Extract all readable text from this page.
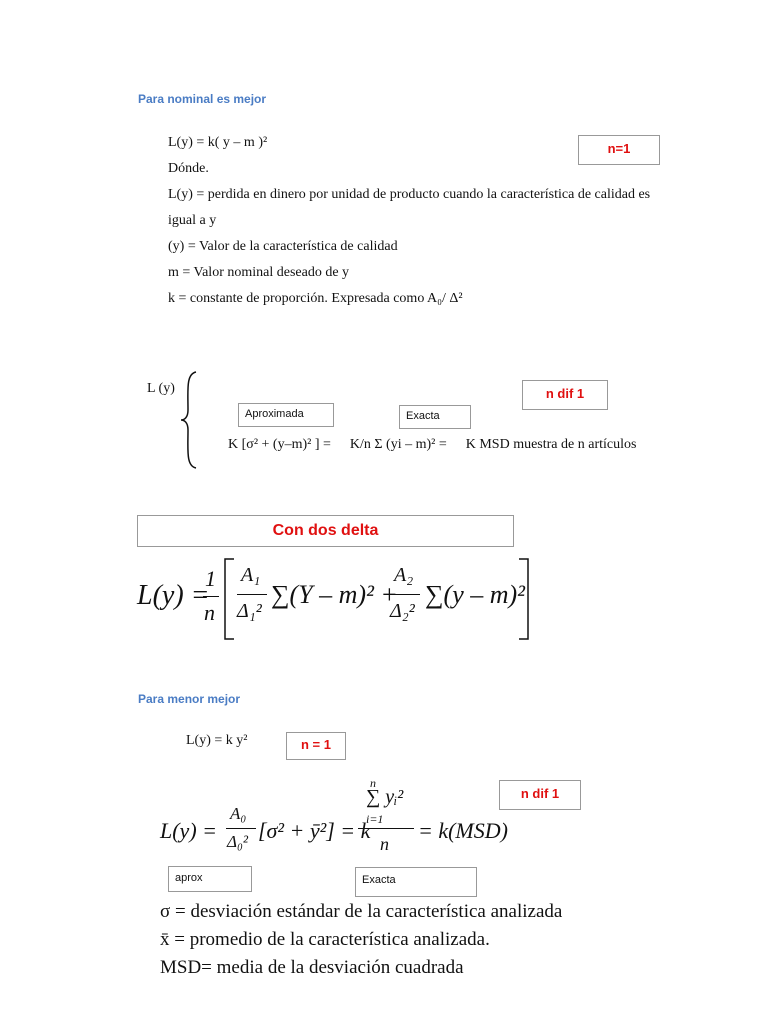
Para nominal es mejor
L(y) = k( y – m )²
Dónde.
L(y) = perdida en dinero por unidad de producto cuando la característica de calidad es
igual a y
(y) = Valor de la característica de calidad
m = Valor nominal deseado de y
k = constante de proporción. Expresada como A₀/ Δ²
n=1
L (y)
Aproximada	Exacta
n dif 1
K [σ² + (y–m)² ] = K/n Σ (yi – m)² = K MSD muestra de n artículos
Con dos delta
L(y) =
1
n
A₁
Δ₁²
∑(Y – m)² +
A₂
Δ₂²
∑(y – m)²
Para menor mejor
L(y) = k y²	n = 1
n dif 1
L(y) =
A₀
Δ₀² [σ² + ȳ²] = k
n
∑ yᵢ²
i=1
n
= k(MSD)
aprox	Exacta
σ = desviación estándar de la característica analizada
x̄ = promedio de la característica analizada.
MSD= media de la desviación cuadrada
